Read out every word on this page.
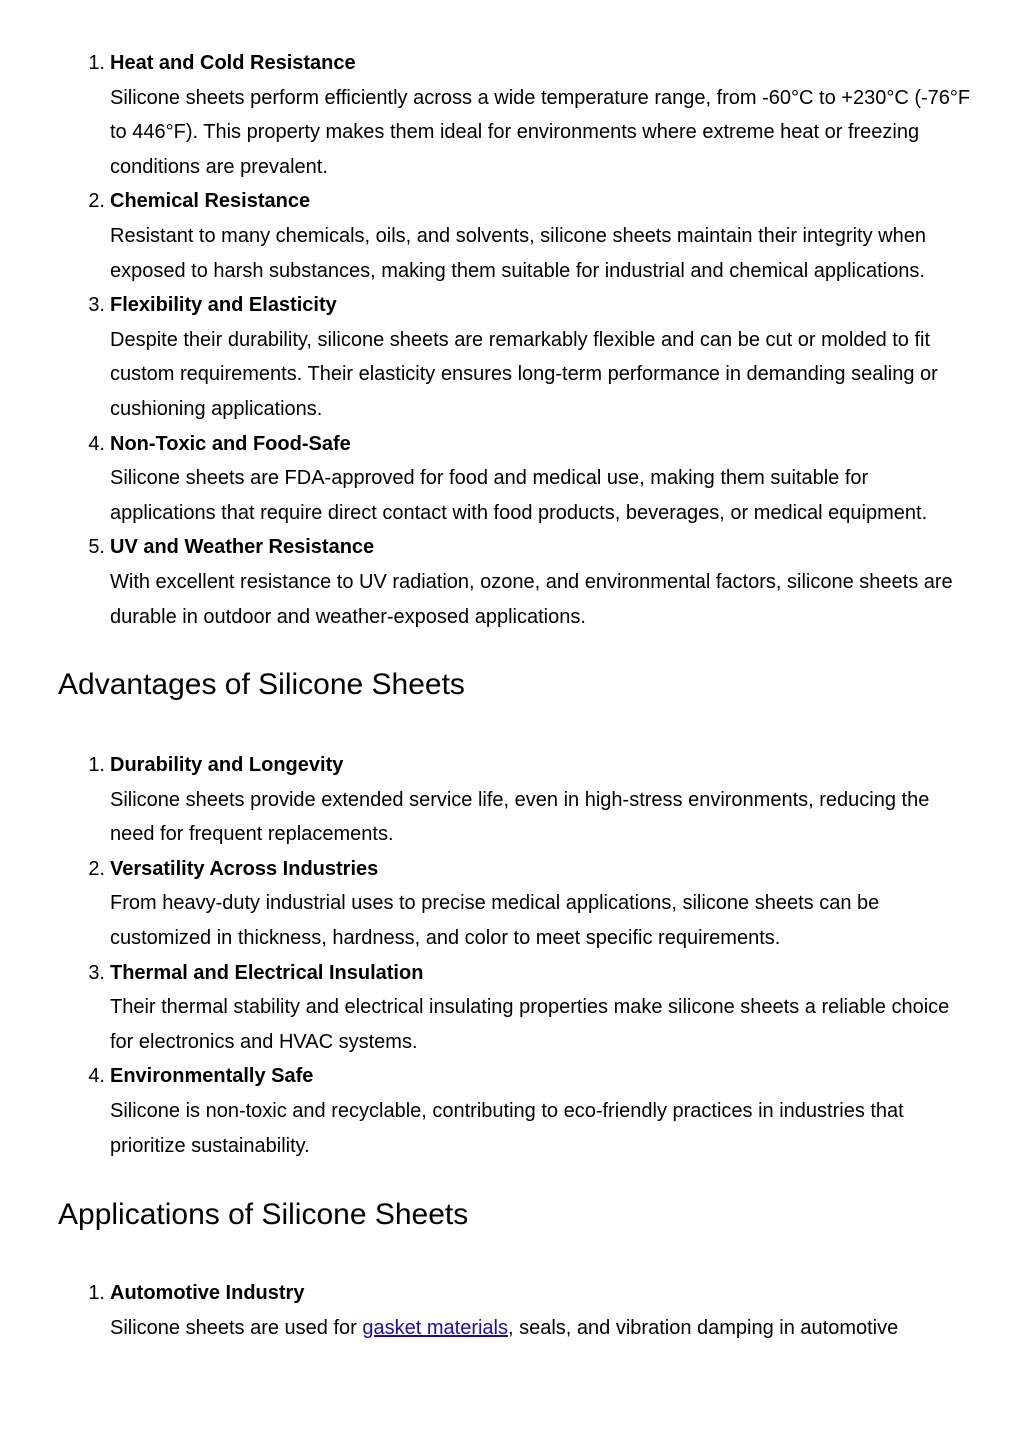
1. Heat and Cold Resistance
Silicone sheets perform efficiently across a wide temperature range, from -60°C to +230°C (-76°F to 446°F). This property makes them ideal for environments where extreme heat or freezing conditions are prevalent.
2. Chemical Resistance
Resistant to many chemicals, oils, and solvents, silicone sheets maintain their integrity when exposed to harsh substances, making them suitable for industrial and chemical applications.
3. Flexibility and Elasticity
Despite their durability, silicone sheets are remarkably flexible and can be cut or molded to fit custom requirements. Their elasticity ensures long-term performance in demanding sealing or cushioning applications.
4. Non-Toxic and Food-Safe
Silicone sheets are FDA-approved for food and medical use, making them suitable for applications that require direct contact with food products, beverages, or medical equipment.
5. UV and Weather Resistance
With excellent resistance to UV radiation, ozone, and environmental factors, silicone sheets are durable in outdoor and weather-exposed applications.
Advantages of Silicone Sheets
1. Durability and Longevity
Silicone sheets provide extended service life, even in high-stress environments, reducing the need for frequent replacements.
2. Versatility Across Industries
From heavy-duty industrial uses to precise medical applications, silicone sheets can be customized in thickness, hardness, and color to meet specific requirements.
3. Thermal and Electrical Insulation
Their thermal stability and electrical insulating properties make silicone sheets a reliable choice for electronics and HVAC systems.
4. Environmentally Safe
Silicone is non-toxic and recyclable, contributing to eco-friendly practices in industries that prioritize sustainability.
Applications of Silicone Sheets
1. Automotive Industry
Silicone sheets are used for gasket materials, seals, and vibration damping in automotive
